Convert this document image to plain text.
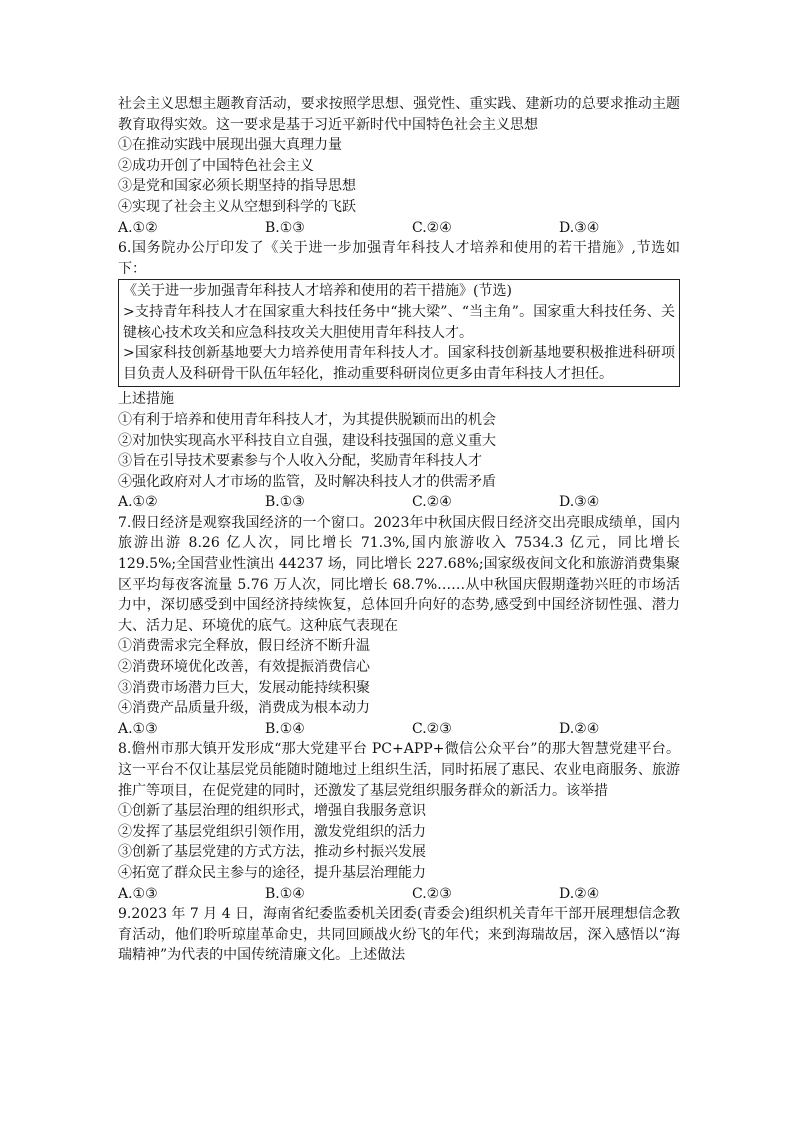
社会主义思想主题教育活动，要求按照学思想、强党性、重实践、建新功的总要求推动主题教育取得实效。这一要求是基于习近平新时代中国特色社会主义思想
①在推动实践中展现出强大真理力量
②成功开创了中国特色社会主义
③是党和国家必须长期坚持的指导思想
④实现了社会主义从空想到科学的飞跃
A.①②	B.①③	C.②④	D.③④
6.国务院办公厅印发了《关于进一步加强青年科技人才培养和使用的若干措施》,节选如下：
《关于进一步加强青年科技人才培养和使用的若干措施》(节选)
>支持青年科技人才在国家重大科技任务中“挑大梁”、“当主角”。国家重大科技任务、关键核心技术攻关和应急科技攻关大胆使用青年科技人才。
>国家科技创新基地要大力培养使用青年科技人才。国家科技创新基地要积极推进科研项目负责人及科研骨干队伍年轻化，推动重要科研岗位更多由青年科技人才担任。
上述措施
①有利于培养和使用青年科技人才，为其提供脱颖而出的机会
②对加快实现高水平科技自立自强，建设科技强国的意义重大
③旨在引导技术要素参与个人收入分配，奖励青年科技人才
④强化政府对人才市场的监管，及时解决科技人才的供需矛盾
A.①②	B.①③	C.②④	D.③④
7.假日经济是观察我国经济的一个窗口。2023年中秋国庆假日经济交出亮眼成绩单，国内旅游出游 8.26 亿人次，同比增长 71.3%,国内旅游收入 7534.3 亿元，同比增长 129.5%;全国营业性演出 44237 场，同比增长 227.68%;国家级夜间文化和旅游消费集聚区平均每夜客流量 5.76 万人次，同比增长 68.7%……从中秋国庆假期蓬勃兴旺的市场活力中，深切感受到中国经济持续恢复，总体回升向好的态势,感受到中国经济韧性强、潜力大、活力足、环境优的底气。这种底气表现在
①消费需求完全释放，假日经济不断升温
②消费环境优化改善，有效提振消费信心
③消费市场潜力巨大，发展动能持续积聚
④消费产品质量升级，消费成为根本动力
A.①③	B.①④	C.②③	D.②④
8.儋州市那大镇开发形成“那大党建平台 PC+APP+微信公众平台”的那大智慧党建平台。这一平台不仅让基层党员能随时随地过上组织生活，同时拓展了惠民、农业电商服务、旅游推广等项目，在促党建的同时，还激发了基层党组织服务群众的新活力。该举措
①创新了基层治理的组织形式，增强自我服务意识
②发挥了基层党组织引领作用，激发党组织的活力
③创新了基层党建的方式方法，推动乡村振兴发展
④拓宽了群众民主参与的途径，提升基层治理能力
A.①③	B.①④	C.②③	D.②④
9.2023 年 7 月 4 日，海南省纪委监委机关团委(青委会)组织机关青年干部开展理想信念教育活动，他们聆听琼崖革命史，共同回顾战火纷飞的年代；来到海瑞故居，深入感悟以“海瑞精神”为代表的中国传统清廉文化。上述做法
